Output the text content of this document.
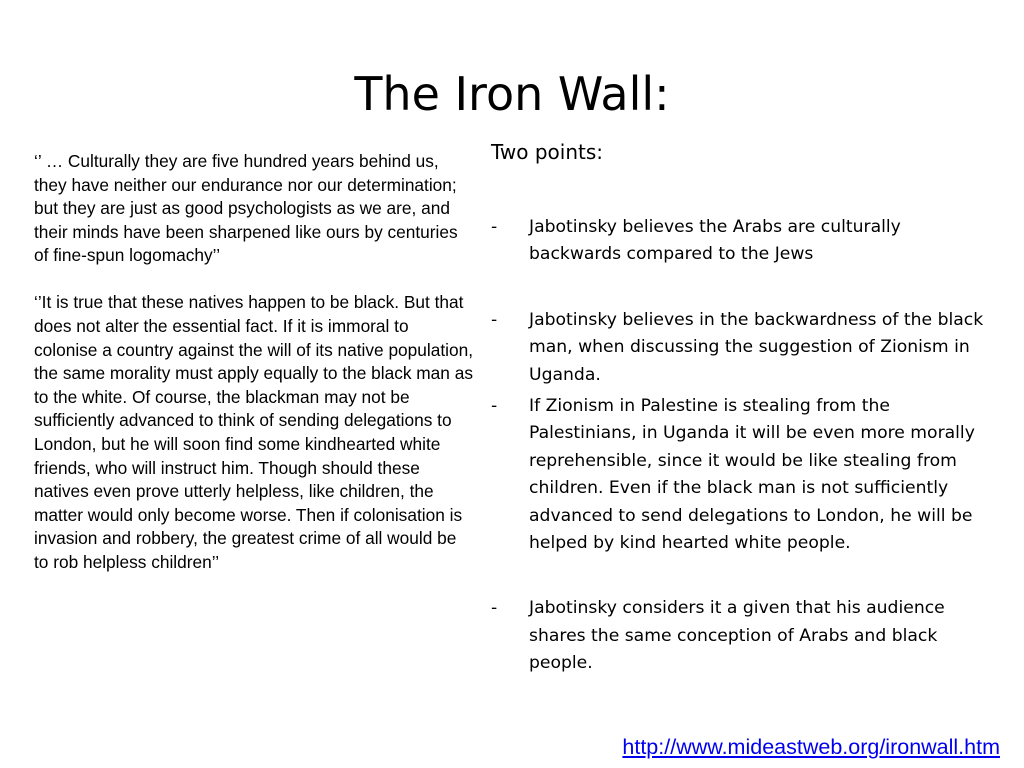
The Iron Wall:

‘’ … Culturally they are five hundred years behind us, they have neither our endurance nor our determination; but they are just as good psychologists as we are, and their minds have been sharpened like ours by centuries of fine-spun logomachy’’

‘’It is true that these natives happen to be black. But that does not alter the essential fact. If it is immoral to colonise a country against the will of its native population, the same morality must apply equally to the black man as to the white. Of course, the blackman may not be sufficiently advanced to think of sending delegations to London, but he will soon find some kindhearted white friends, who will instruct him. Though should these natives even prove utterly helpless, like children, the matter would only become worse. Then if colonisation is invasion and robbery, the greatest crime of all would be to rob helpless children’’

Two points:
- Jabotinsky believes the Arabs are culturally backwards compared to the Jews
- Jabotinsky believes in the backwardness of the black man, when discussing the suggestion of Zionism in Uganda.
- If Zionism in Palestine is stealing from the Palestinians, in Uganda it will be even more morally reprehensible, since it would be like stealing from children. Even if the black man is not sufficiently advanced to send delegations to London, he will be helped by kind hearted white people.
- Jabotinsky considers it a given that his audience shares the same conception of Arabs and black people.
http://www.mideastweb.org/ironwall.htm
